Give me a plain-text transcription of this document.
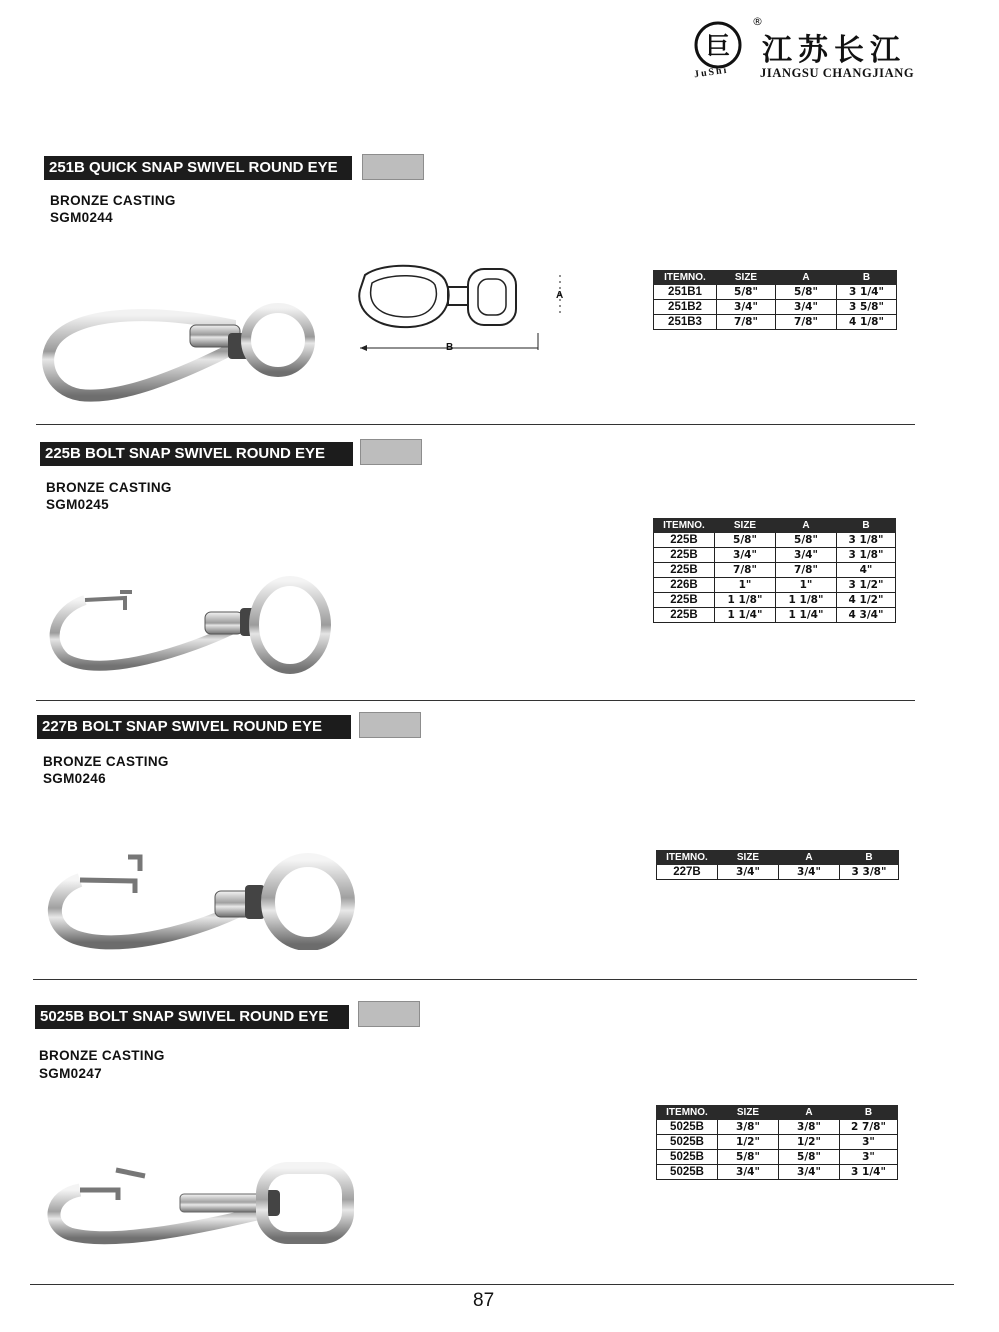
巨
JuShi
®
江苏长江
JIANGSU CHANGJIANG
251B QUICK SNAP SWIVEL ROUND EYE
BRONZE CASTING
SGM0244
A
B
ITEMNO.	SIZE	A	B
251B1	5/8"	5/8"	3 1/4"
251B2	3/4"	3/4"	3 5/8"
251B3	7/8"	7/8"	4 1/8"
225B BOLT SNAP SWIVEL ROUND EYE
BRONZE CASTING
SGM0245
ITEMNO.	SIZE	A	B
225B	5/8"	5/8"	3 1/8"
225B	3/4"	3/4"	3 1/8"
225B	7/8"	7/8"	4"
226B	1"	1"	3 1/2"
225B	1 1/8"	1 1/8"	4 1/2"
225B	1 1/4"	1 1/4"	4 3/4"
227B BOLT SNAP SWIVEL ROUND EYE
BRONZE CASTING
SGM0246
ITEMNO.	SIZE	A	B
227B	3/4"	3/4"	3 3/8"
5025B BOLT SNAP SWIVEL ROUND EYE
BRONZE CASTING
SGM0247
ITEMNO.	SIZE	A	B
5025B	3/8"	3/8"	2 7/8"
5025B	1/2"	1/2"	3"
5025B	5/8"	5/8"	3"
5025B	3/4"	3/4"	3 1/4"
87
